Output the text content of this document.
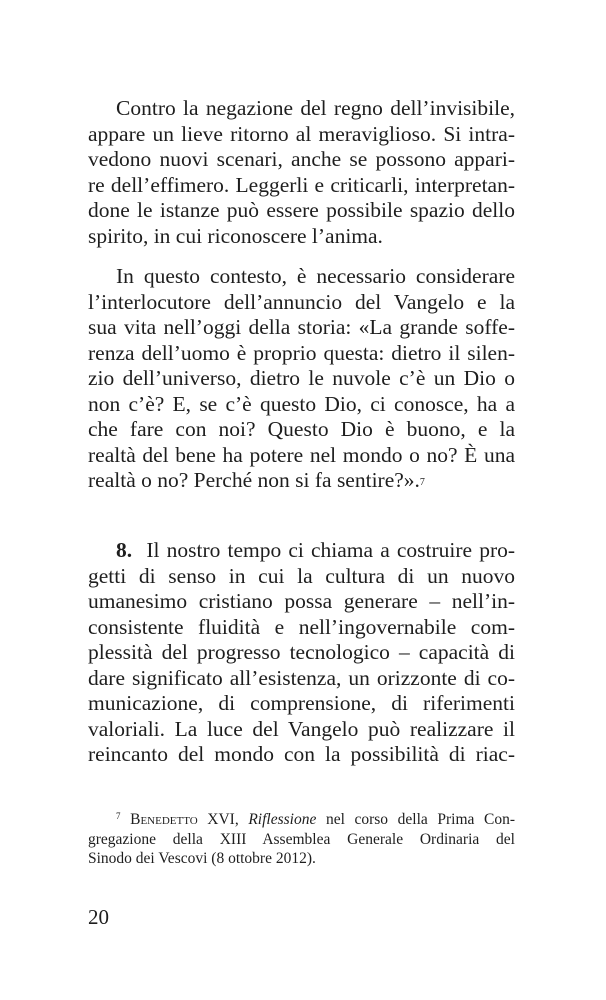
Contro la negazione del regno dell’invisibile,
appare un lieve ritorno al meraviglioso. Si intra-
vedono nuovi scenari, anche se possono appari-
re dell’effimero. Leggerli e criticarli, interpretan-
done le istanze può essere possibile spazio dello
spirito, in cui riconoscere l’anima.
In questo contesto, è necessario considerare
l’interlocutore dell’annuncio del Vangelo e la
sua vita nell’oggi della storia: «La grande soffe-
renza dell’uomo è proprio questa: dietro il silen-
zio dell’universo, dietro le nuvole c’è un Dio o
non c’è? E, se c’è questo Dio, ci conosce, ha a
che fare con noi? Questo Dio è buono, e la
realtà del bene ha potere nel mondo o no? È una
realtà o no? Perché non si fa sentire?».$^7$
8. Il nostro tempo ci chiama a costruire pro-
getti di senso in cui la cultura di un nuovo
umanesimo cristiano possa generare – nell’in-
consistente fluidità e nell’ingovernabile com-
plessità del progresso tecnologico – capacità di
dare significato all’esistenza, un orizzonte di co-
municazione, di comprensione, di riferimenti
valoriali. La luce del Vangelo può realizzare il
reincanto del mondo con la possibilità di riac-
$^7$ Benedetto XVI, Riflessione nel corso della Prima Con-
gregazione della XIII Assemblea Generale Ordinaria del
Sinodo dei Vescovi (8 ottobre 2012).
20
